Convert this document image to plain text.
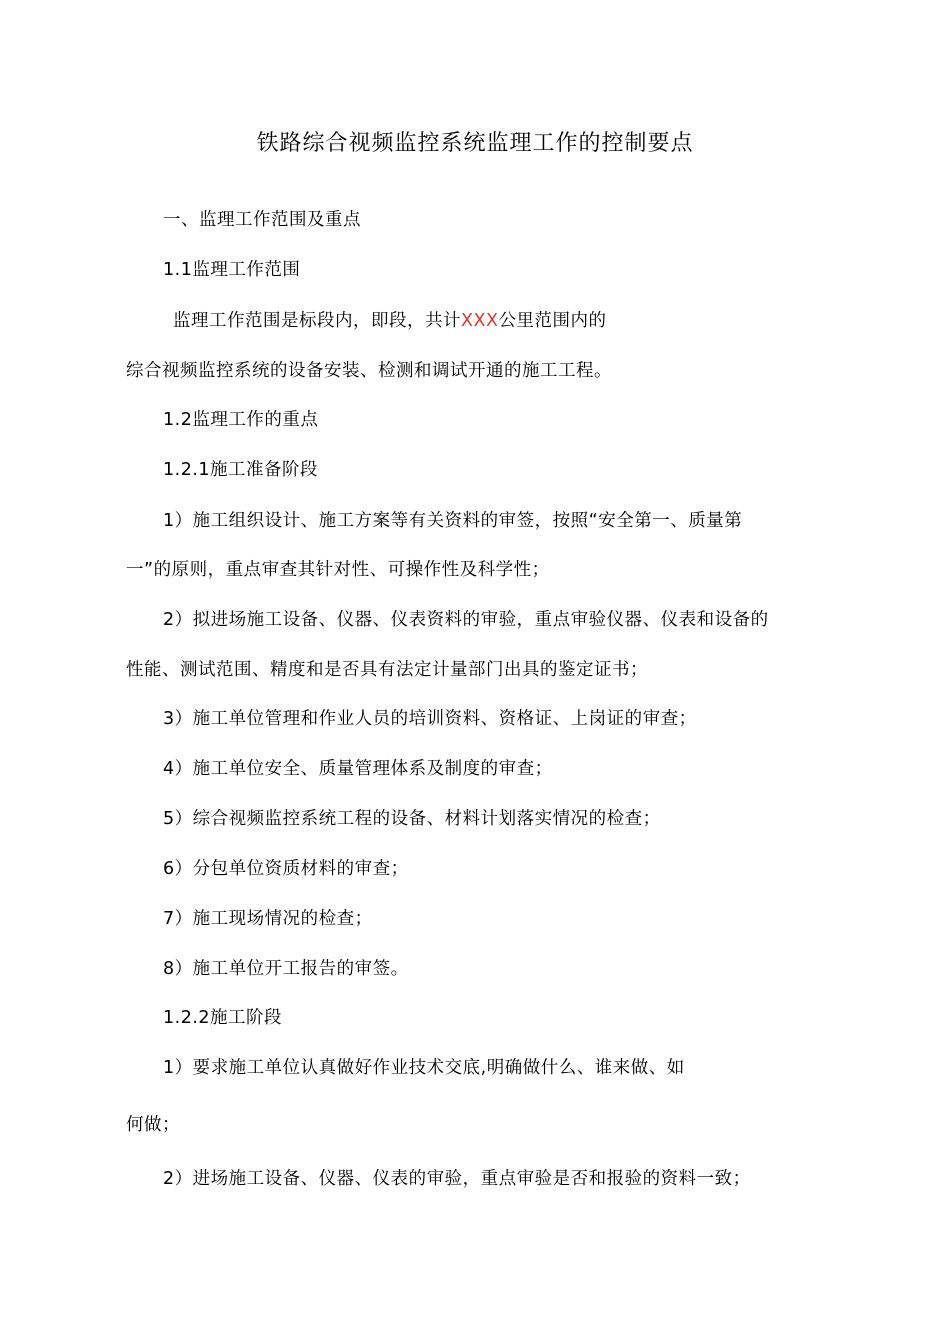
铁路综合视频监控系统监理工作的控制要点
一、监理工作范围及重点
1.1监理工作范围
监理工作范围是标段内，即段，共计XXX公里范围内的
综合视频监控系统的设备安装、检测和调试开通的施工工程。
1.2监理工作的重点
1.2.1施工准备阶段
1）施工组织设计、施工方案等有关资料的审签，按照“安全第一、质量第
一”的原则，重点审查其针对性、可操作性及科学性；
2）拟进场施工设备、仪器、仪表资料的审验，重点审验仪器、仪表和设备的
性能、测试范围、精度和是否具有法定计量部门出具的鉴定证书；
3）施工单位管理和作业人员的培训资料、资格证、上岗证的审查；
4）施工单位安全、质量管理体系及制度的审查；
5）综合视频监控系统工程的设备、材料计划落实情况的检查；
6）分包单位资质材料的审查；
7）施工现场情况的检查；
8）施工单位开工报告的审签。
1.2.2施工阶段
1）要求施工单位认真做好作业技术交底,明确做什么、谁来做、如
何做；
2）进场施工设备、仪器、仪表的审验，重点审验是否和报验的资料一致；
